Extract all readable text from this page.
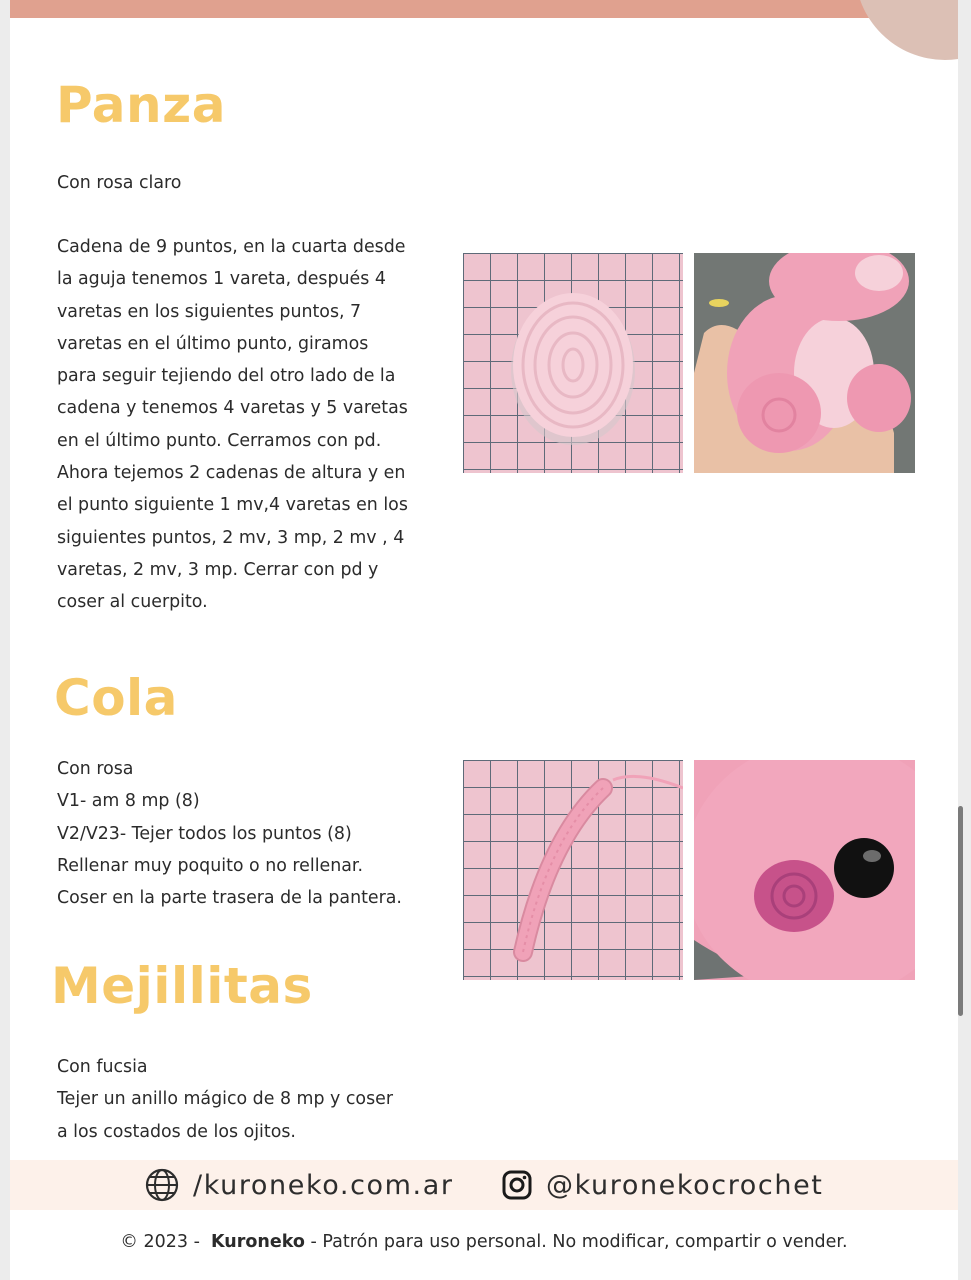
Panza

Con rosa claro

Cadena de 9 puntos, en la cuarta desde
la aguja tenemos 1 vareta, después 4
varetas en los siguientes puntos, 7
varetas en el último punto, giramos
para seguir tejiendo del otro lado de la
cadena y tenemos 4 varetas y 5 varetas
en el último punto. Cerramos con pd.
Ahora tejemos 2 cadenas de altura y en
el punto siguiente 1 mv,4 varetas en los
siguientes puntos, 2 mv, 3 mp, 2 mv , 4
varetas, 2 mv, 3 mp. Cerrar con pd y
coser al cuerpito.

Cola

Con rosa
V1- am 8 mp (8)
V2/V23- Tejer todos los puntos (8)
Rellenar muy poquito o no rellenar.
Coser en la parte trasera de la pantera.

Mejillitas

Con fucsia
Tejer un anillo mágico de 8 mp y coser
a los costados de los ojitos.

/kuroneko.com.ar	@kuronekocrochet
© 2023 - Kuroneko - Patrón para uso personal. No modificar, compartir o vender.
